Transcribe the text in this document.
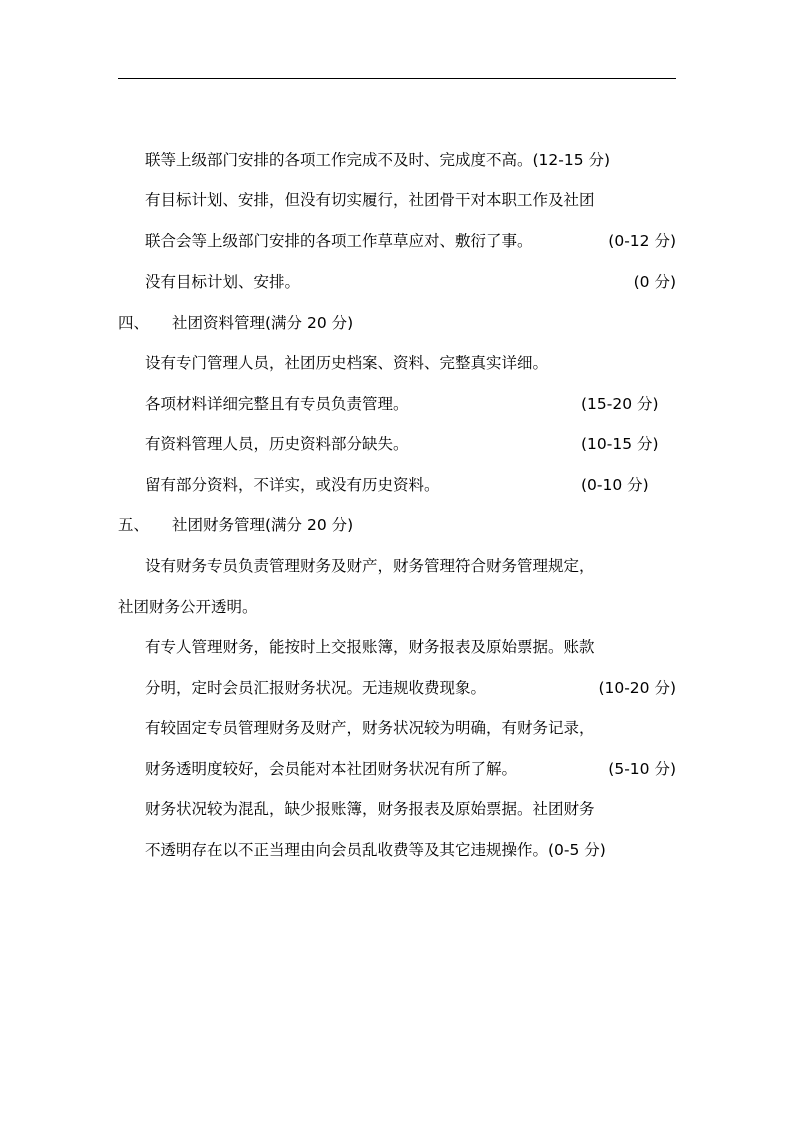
联等上级部门安排的各项工作完成不及时、完成度不高。(12-15 分)
有目标计划、安排，但没有切实履行，社团骨干对本职工作及社团
联合会等上级部门安排的各项工作草草应对、敷衍了事。	(0-12 分)
没有目标计划、安排。	(0 分)
四、 社团资料管理(满分 20 分)
设有专门管理人员，社团历史档案、资料、完整真实详细。
各项材料详细完整且有专员负责管理。	(15-20 分)
有资料管理人员，历史资料部分缺失。	(10-15 分)
留有部分资料，不详实，或没有历史资料。	(0-10 分)
五、 社团财务管理(满分 20 分)
设有财务专员负责管理财务及财产，财务管理符合财务管理规定，
社团财务公开透明。
有专人管理财务，能按时上交报账簿，财务报表及原始票据。账款
分明，定时会员汇报财务状况。无违规收费现象。	(10-20 分)
有较固定专员管理财务及财产，财务状况较为明确，有财务记录，
财务透明度较好，会员能对本社团财务状况有所了解。	(5-10 分)
财务状况较为混乱，缺少报账簿，财务报表及原始票据。社团财务
不透明存在以不正当理由向会员乱收费等及其它违规操作。(0-5 分)
